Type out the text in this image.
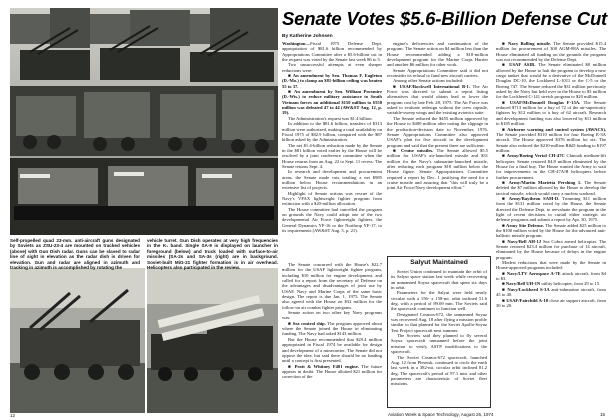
Self-propelled quad 23-mm. anti-aircraft guns designated by Soviets as ZSU-23-4 are mounted on tracked vehicles (above) with Gun Dish radar. Guns can be slaved to radar line of sight in elevation as the radar dish is driven for elevation. Gun and radar are aligned in azimuth and tracking in azimuth is accomplished by rotating the
vehicle turret. Gun Dish operates at very high frequencies in the K₁ band. Single SA-9 is displayed on launcher in foreground (below) and truck loaded with surface-to-air missiles (SA-2s and SA-3s (right) are in background. Soviet-built MiG-21 fighter formation is in air overhead. Helicopters also participated in the review.
Senate Votes $5.6-Billion Defense Cut
By Katherine Johnsen

Washington—Fiscal 1975 Defense Dept. appropriation of $81.6 billion recommended by Appropriations Committee after a $5.6-billion cut in the request was voted by the Senate last week 86 to 5.

Two unsuccessful attempts at even sharper reductions were:

■ An amendment by Sen. Thomas F. Eagleton (D.-Mo.) to clamp an $81-billion ceiling was beaten 55 to 37.

■ An amendment by Sen. William Proxmire (D.-Wis.) to reduce military assistance to South Vietnam forces an additional $150 million to $550 million was defeated 47 to 44 (AW&ST Aug. 12, p. 19).

The Administration's request was $1.4 billion.

In addition to the $81.6 billion, transfers of $313 million were authorized, making a total availability on Fiscal 1975 of $82.9 billion, compared with the $87 billion asked by the Administration.

The net $1.4-billion reduction made by the Senate in the $81 billion voted earlier by the House will be resolved by a joint conference committee when the House returns from an Aug. 22 to Sept. 11 recess. The Senate returns Sept. 4.

In research and development and procurement areas, the Senate made cuts totaling a net $985 million below House recommendations in an extensive list of projects.

Highlight of Senate actions was rescue of the Navy's VFAX lightweight fighter program from extinction with a $20-million allocation.

The House committee had cancelled the program on grounds the Navy could adopt one of the two developmental Air Force lightweight fighters, the General Dynamics YF-16 or the Northrop YF-17, to its requirements (AW&ST Aug. 5, p. 21).

The Senate concurred with the House's $22.7 million for the USAF lightweight fighter program, including $10 million for engine development, and called for a report from the secretary of Defense on the advantages and disadvantages of joint use by USAF, Navy and Marine Corps of the same basic design. The report is due Jan. 1, 1975. The Senate also agreed with the House on $32 million for the follow-on air combat fighter program.

Senate action on two other key Navy programs was:

■ Sea control ship. The program approved about where the Senate joined the House in eliminating funding. The Navy had asked $143 million.

But the House recommended that $29.4 million appropriated in Fiscal 1974 be available for design and development of a minecarrier. The Senate did not oppose the idea, but said there should be no funding until a concept is first presented.

■ Pratt & Whitney F401 engine. The future appears in doubt. The House allotted $21 million for correction of the

engine's deficiencies and continuation of the program. The Senate action on $4 million less than the House recommended adding a $10-million development program for the Marine Corps Harrier and another $6 million for other work.

Senate Appropriations Committee said it did not reconsider its refusal to fund new aircraft carriers.

Among other Senate actions included:

■ USAF/Rockwell International B-1. The Air Force was directed to submit a report listing alternatives that would obtain lead or lower the program cost by late Feb. 28, 1975. The Air Force was asked to evaluate redesign without the crew capsule, variable-sweep wings and the existing avionics suite.

The Senate reduced the $455 million approved by the House to $400 million after noting the slippage in the production-decision date to November, 1976. Senate Appropriations Committee also approved USAF's plan for five aircraft in the development program and said that the present three are sufficient.

■ Cruise missiles. The Senate allowed $5.5 million for USAF's air-launched missile and $31 million for the Navy's submarine-launched missile, after reducing each program $10 million below the House figure. Senate Appropriations Committee required a report by Dec. 1 justifying the need for a cruise missile and assuring that "this will truly be a joint Air Force/Navy development effort."

■ Navy Bolling missile. The Senate provided $15.4 million for procurement of 300 AGM-88A missiles. The House eliminated all funding on the grounds the program was not recommended by the Defense Dept.

■ USAF ASIR. The Senate eliminated $8 million allowed by the House to halt the program to develop a new cargo tanker that would be a derivative of the McDonnell Douglas DC-10, the Lockheed L-1011 or the C-5 or the Boeing 747. The Senate reduced the $31 million previously asked by the Navy but held over in the House to $3 million for the Lockheed C-141 stretch program to $20 million.

■ USAF/McDonnell Douglas F-15A. The Senate reduced $713 million for a buy of 72 of the air-superiority fighters by $12 million to a buy of 62 aircraft. Research and development funding was also lowered by $11 million to $185 million.

■ Airborne warning and control system (AWACS). The Senate provided $310 million for four Boeing E-3A aircraft. The House approved $376 million for six. The Senate also reduced the $210-million R&D funding to $197 million.

■ Army/Boeing Vertol CH-47C Chinook medium-lift helicopter. Senate restored $4.8 million eliminated by the House for a final buy. The House wanted the Army to wait for improvements in the CH-47A/B helicopters before further procurement.

■ Army/Martin Marietta Pershing 1. The Senate deleted the $7 million allowed by the House to develop the tactical missile, which would carry a nuclear warhead.

■ Army/Raytheon SAM-D. Trimming $11 million from the $131 million voted by the House, the Senate directed the Defense Dept. to reevaluate the program in the light of recent decisions to curtail either strategic air defense programs and submit a report by Apr. 30, 1975.

■ Army Site Defense. The Senate added $25 million to the $100 million voted by the House for the advanced anti-ballistic missile program.

■ Navy/Bell AH-1J Sea Cobra armed helicopter. The Senate restored $23.4 million for purchase of 14 aircraft, eliminated by the House because of delays in the engine program.

Modest reductions that were made by the Senate in House-approved programs included:

■ Navy/LTV Aerospace A-7E attack aircraft, from $4 to $3.

■ Navy/Bell UH-1N utility helicopter, from 29 to 15.

■ Navy/Lockheed S-3A anti-submarine aircraft, from 45 to 40.

■ USAF/Fairchild A-10 close air support aircraft, from 30 to 20.

Salyut Maintained

Soviet Union continued to maintain the orbit of its Salyut space station last week while recovering an unmanned Soyuz spacecraft that spent six days in orbit.

Parameters for the Salyut were held nearly circular with a 156- x 158-mi. orbit inclined 51.6 deg. with a period of 89.69 min. The Soviets said the spacecraft continues to function well.

Designated Cosmos-672, the unmanned Soyuz was recovered Aug. 18 after flying a mission profile similar to that planned for the Soviet Apollo-Soyuz Test Project spacecraft next summer.

The Soviets said they planned to fly several Soyuz spacecraft unmanned before the joint mission to verify ASTP modifications to the spacecraft.

The Soviet Cosmos-672 spacecraft, launched Aug. 12 from Plesetsk, continued to circle the earth last week in a 382-mi. circular orbit inclined 81.2 deg. The spacecraft's period of 97.1 min. and other parameters are characteristic of Soviet fleet missions.

Aviation Week & Space Technology, August 26, 1974	15
12
